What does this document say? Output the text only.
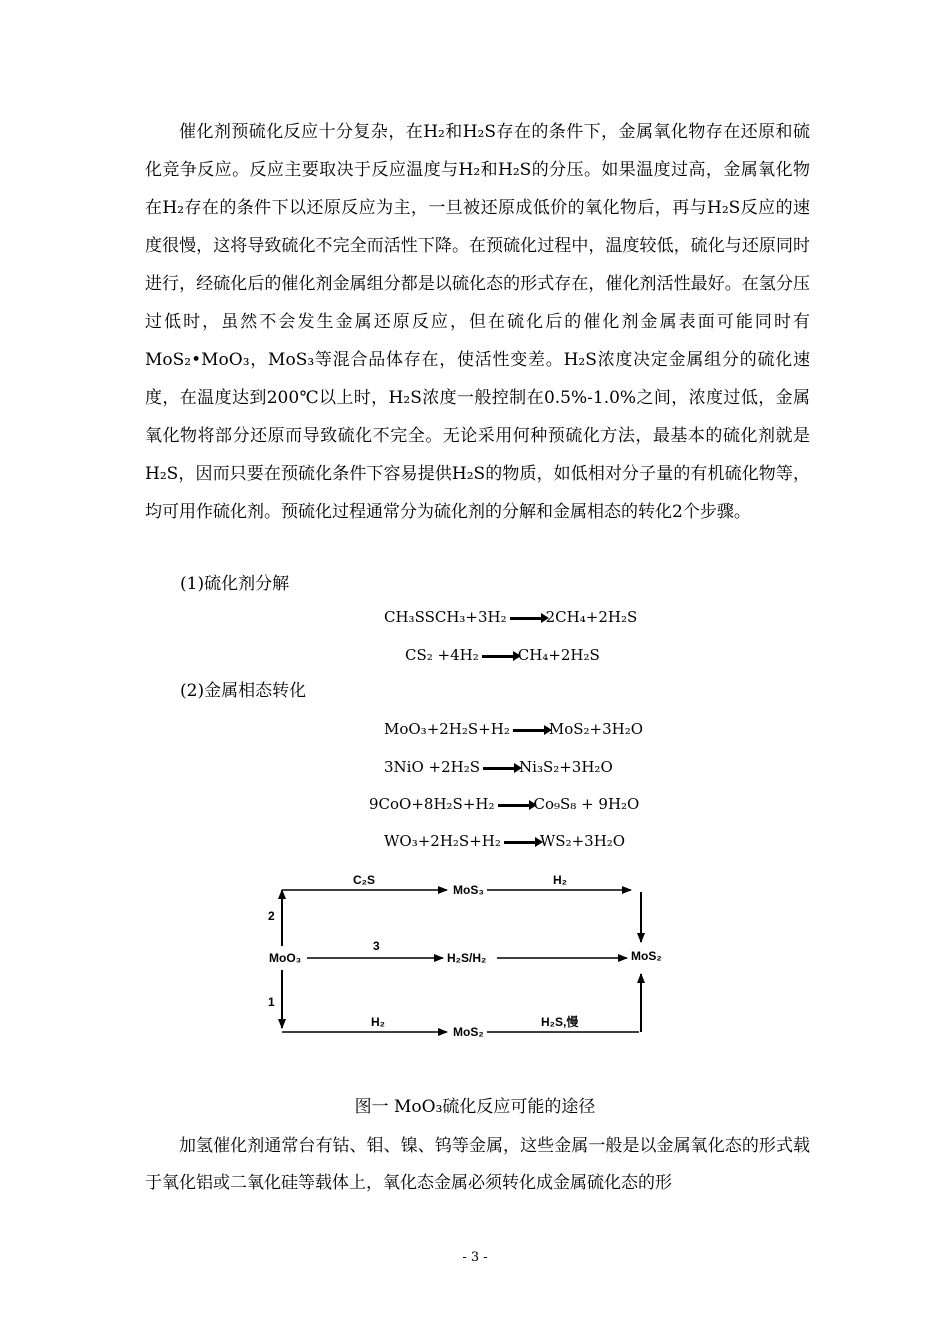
催化剂预硫化反应十分复杂，在H₂和H₂S存在的条件下，金属氧化物存在还原和硫化竞争反应。反应主要取决于反应温度与H₂和H₂S的分压。如果温度过高，金属氧化物在H₂存在的条件下以还原反应为主，一旦被还原成低价的氧化物后，再与H₂S反应的速度很慢，这将导致硫化不完全而活性下降。在预硫化过程中，温度较低，硫化与还原同时进行，经硫化后的催化剂金属组分都是以硫化态的形式存在，催化剂活性最好。在氢分压过低时，虽然不会发生金属还原反应，但在硫化后的催化剂金属表面可能同时有MoS₂•MoO₃，MoS₃等混合品体存在，使活性变差。H₂S浓度决定金属组分的硫化速度，在温度达到200℃以上时，H₂S浓度一般控制在0.5%-1.0%之间，浓度过低，金属氧化物将部分还原而导致硫化不完全。无论采用何种预硫化方法，最基本的硫化剂就是H₂S，因而只要在预硫化条件下容易提供H₂S的物质，如低相对分子量的有机硫化物等，均可用作硫化剂。预硫化过程通常分为硫化剂的分解和金属相态的转化2个步骤。

(1)硫化剂分解

CH₃SSCH₃+3H₂ → 2CH₄+2H₂S
CS₂ +4H₂ → CH₄+2H₂S

(2)金属相态转化

MoO₃+2H₂S+H₂ → MoS₂+3H₂O
3NiO +2H₂S → Ni₃S₂+3H₂O
9CoO+8H₂S+H₂ → Co₉S₈ + 9H₂O
WO₃+2H₂S+H₂ → WS₂+3H₂O
C₂S
MoS₃
H₂
2
MoO₃
3
H₂S/H₂	MoS₂
1
H₂
MoS₂
H₂S,慢

图一 MoO₃硫化反应可能的途径

加氢催化剂通常台有钴、钼、镍、钨等金属，这些金属一般是以金属氧化态的形式载于氧化铝或二氧化硅等载体上，氧化态金属必须转化成金属硫化态的形

- 3 -
